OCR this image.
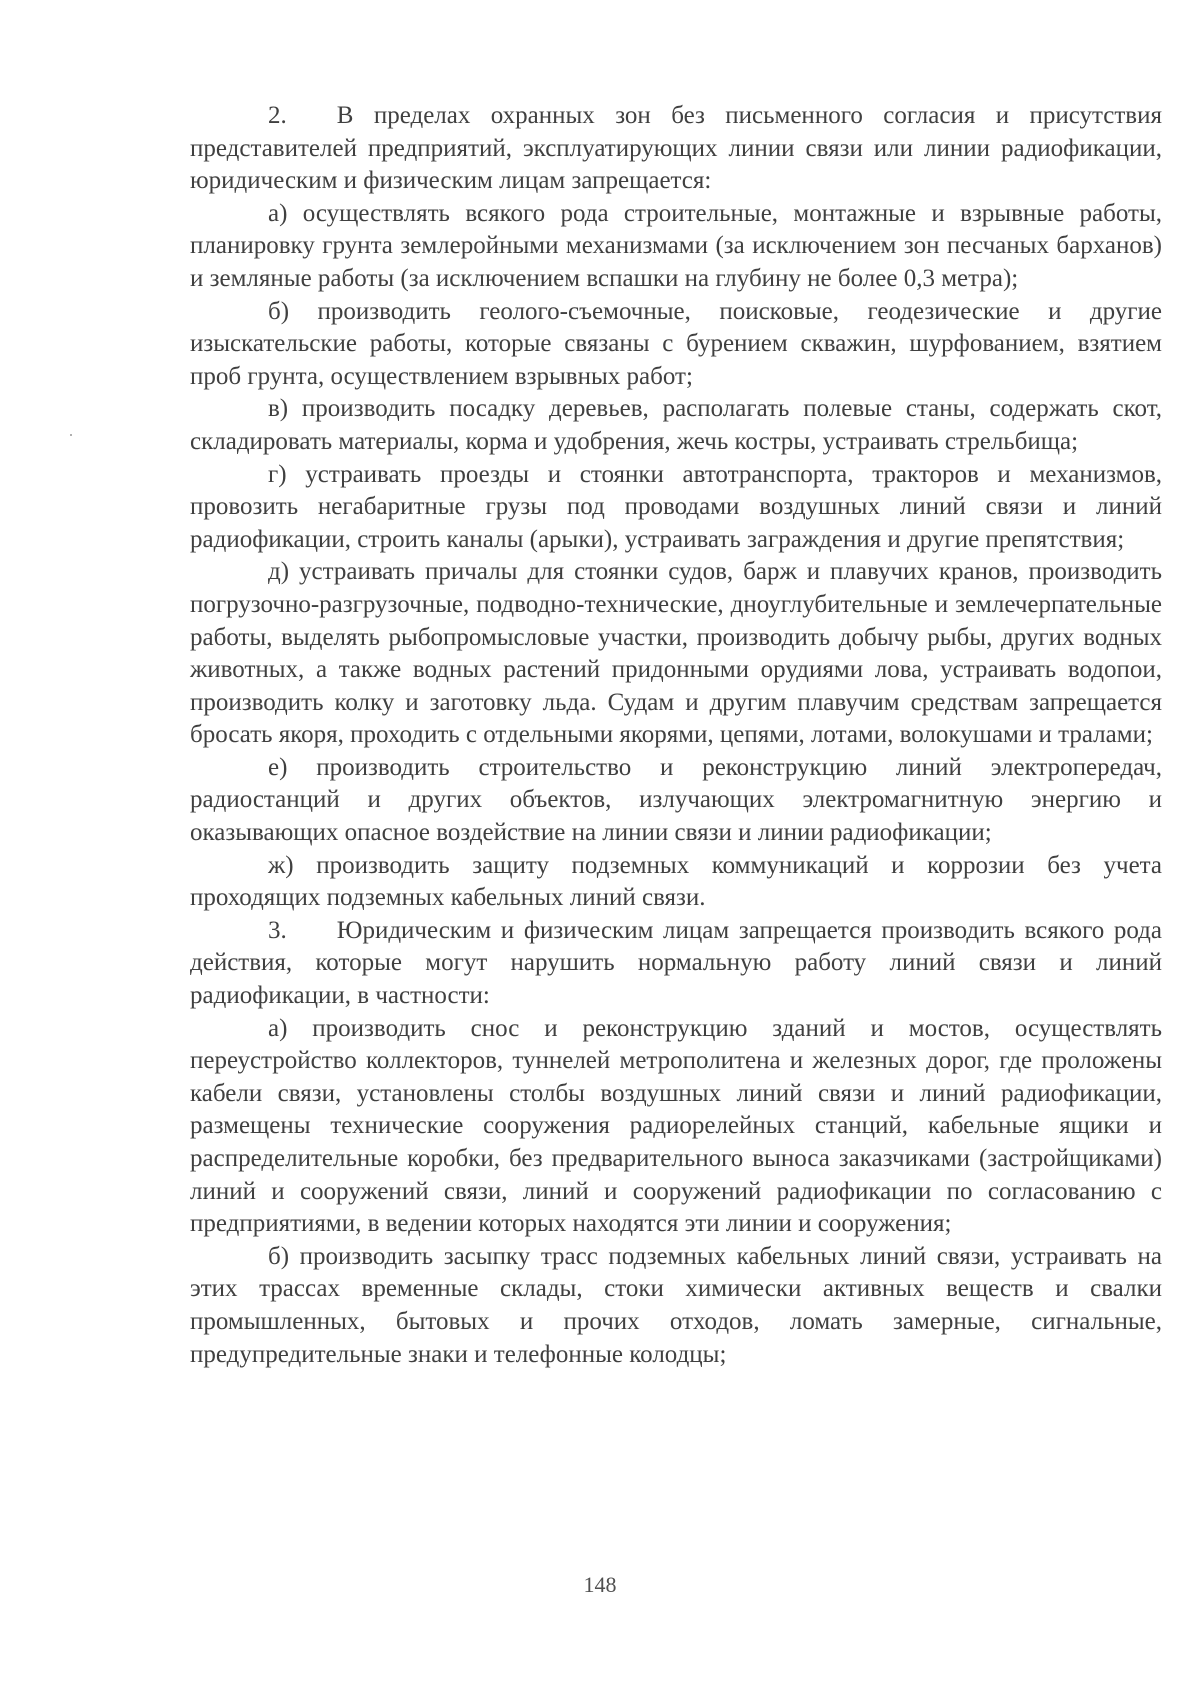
2.  В пределах охранных зон без письменного согласия и присутствия представителей предприятий, эксплуатирующих линии связи или линии радиофикации, юридическим и физическим лицам запрещается:

а) осуществлять всякого рода строительные, монтажные и взрывные работы, планировку грунта землеройными механизмами (за исключением зон песчаных барханов) и земляные работы (за исключением вспашки на глубину не более 0,3 метра);

б) производить геолого-съемочные, поисковые, геодезические и другие изыскательские работы, которые связаны с бурением скважин, шурфованием, взятием проб грунта, осуществлением взрывных работ;

в) производить посадку деревьев, располагать полевые станы, содержать скот, складировать материалы, корма и удобрения, жечь костры, устраивать стрельбища;

г) устраивать проезды и стоянки автотранспорта, тракторов и механизмов, провозить негабаритные грузы под проводами воздушных линий связи и линий радиофикации, строить каналы (арыки), устраивать заграждения и другие препятствия;

д) устраивать причалы для стоянки судов, барж и плавучих кранов, производить погрузочно-разгрузочные, подводно-технические, дноуглубительные и землечерпательные работы, выделять рыбопромысловые участки, производить добычу рыбы, других водных животных, а также водных растений придонными орудиями лова, устраивать водопои, производить колку и заготовку льда. Судам и другим плавучим средствам запрещается бросать якоря, проходить с отдельными якорями, цепями, лотами, волокушами и тралами;

е) производить строительство и реконструкцию линий электропередач, радиостанций и других объектов, излучающих электромагнитную энергию и оказывающих опасное воздействие на линии связи и линии радиофикации;

ж) производить защиту подземных коммуникаций и коррозии без учета проходящих подземных кабельных линий связи.

3.  Юридическим и физическим лицам запрещается производить всякого рода действия, которые могут нарушить нормальную работу линий связи и линий радиофикации, в частности:

а) производить снос и реконструкцию зданий и мостов, осуществлять переустройство коллекторов, туннелей метрополитена и железных дорог, где проложены кабели связи, установлены столбы воздушных линий связи и линий радиофикации, размещены технические сооружения радиорелейных станций, кабельные ящики и распределительные коробки, без предварительного выноса заказчиками (застройщиками) линий и сооружений связи, линий и сооружений радиофикации по согласованию с предприятиями, в ведении которых находятся эти линии и сооружения;

б) производить засыпку трасс подземных кабельных линий связи, устраивать на этих трассах временные склады, стоки химически активных веществ и свалки промышленных, бытовых и прочих отходов, ломать замерные, сигнальные, предупредительные знаки и телефонные колодцы;

148
